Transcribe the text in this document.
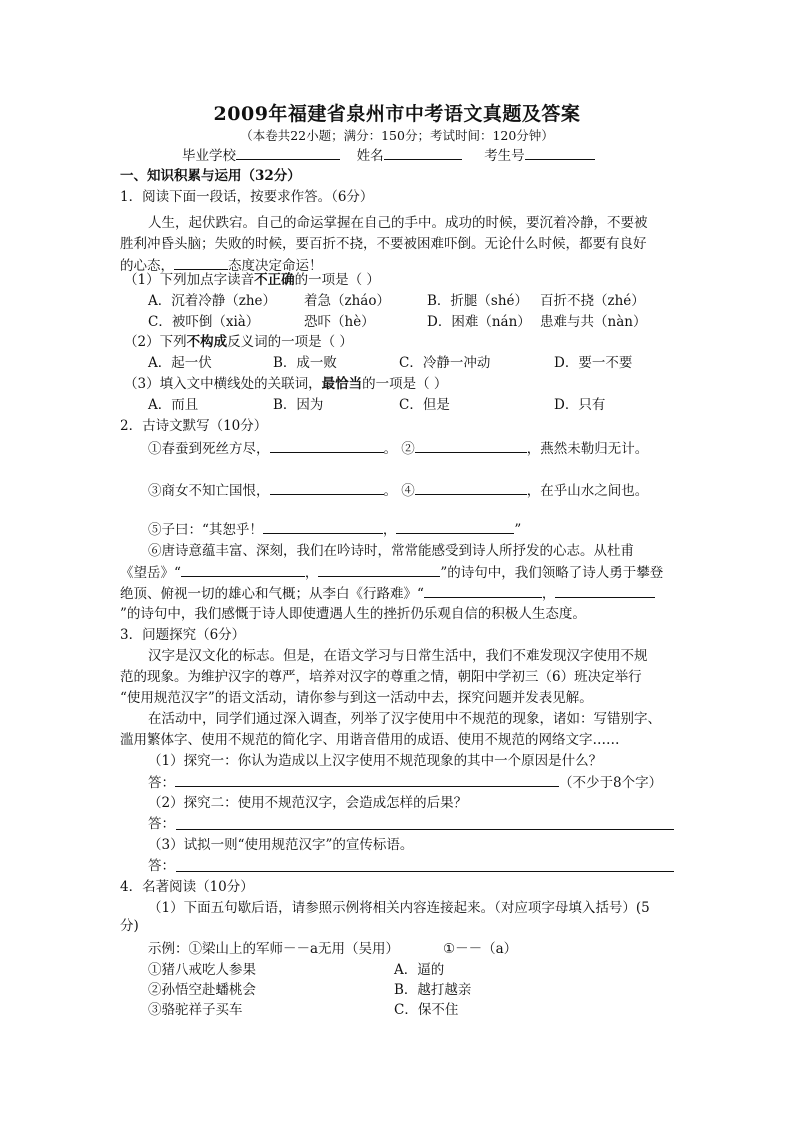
2009年福建省泉州市中考语文真题及答案
（本卷共22小题；满分：150分；考试时间：120分钟）
毕业学校	姓名	考生号
一、知识积累与运用（32分）
1．阅读下面一段话，按要求作答。（6分）
人生，起伏跌宕。自己的命运掌握在自己的手中。成功的时候，要沉着冷静，不要被
胜利冲昏头脑；失败的时候，要百折不挠，不要被困难吓倒。无论什么时候，都要有良好
的心态，	态度决定命运！
（1）下列加点字读音不正确的一项是（ ）
A．沉着冷静（zhe） 着急（zháo）	B．折腿（shé） 百折不挠（zhé）
C．被吓倒（xià）	恐吓（hè）	D．困难（nán） 患难与共（nàn）
（2）下列不构成反义词的一项是（ ）
A．起一伏	B．成一败	C．冷静一冲动	D．要一不要
（3）填入文中横线处的关联词，最恰当的一项是（ ）
A．而且	B．因为	C．但是	D．只有
2．古诗文默写（10分）
①春蚕到死丝方尽，	。 ②	，燕然未勒归无计。
③商女不知亡国恨，	。 ④	，在乎山水之间也。
⑤子曰：“其恕乎！	，	”
⑥唐诗意蕴丰富、深刻，我们在吟诗时，常常能感受到诗人所抒发的心志。从杜甫
《望岳》“	，	”的诗句中，我们领略了诗人勇于攀登
绝顶、俯视一切的雄心和气概；从李白《行路难》“	，
”的诗句中，我们感慨于诗人即使遭遇人生的挫折仍乐观自信的积极人生态度。
3．问题探究（6分）
汉字是汉文化的标志。但是，在语文学习与日常生活中，我们不难发现汉字使用不规
范的现象。为维护汉字的尊严，培养对汉字的尊重之情，朝阳中学初三（6）班决定举行
“使用规范汉字”的语文活动，请你参与到这一活动中去，探究问题并发表见解。
在活动中，同学们通过深入调查，列举了汉字使用中不规范的现象，诸如：写错别字、
滥用繁体字、使用不规范的简化字、用谐音借用的成语、使用不规范的网络文字……
（1）探究一：你认为造成以上汉字使用不规范现象的其中一个原因是什么？
答：	（不少于8个字）
（2）探究二：使用不规范汉字，会造成怎样的后果？
答：
（3）试拟一则“使用规范汉字”的宣传标语。
答：
4．名著阅读（10分）
（1）下面五句歇后语，请参照示例将相关内容连接起来。（对应项字母填入括号）(5
分)
示例：①梁山上的军师－－a无用（吴用）	①－－（a）
①猪八戒吃人参果	A．逼的
②孙悟空赴蟠桃会	B．越打越亲
③骆驼祥子买车	C．保不住
